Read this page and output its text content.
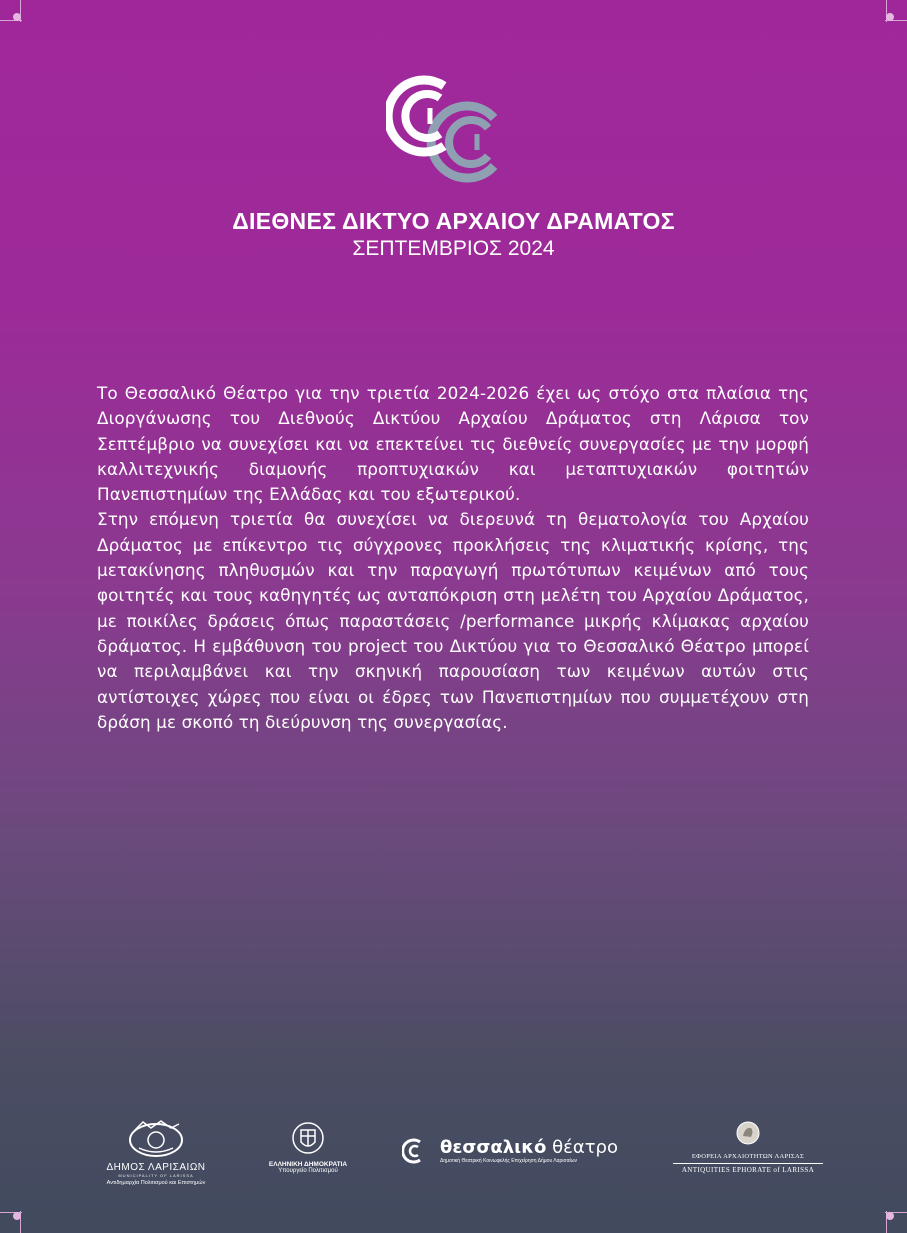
ΔΙΕΘΝΕΣ ΔΙΚΤΥΟ ΑΡΧΑΙΟΥ ΔΡΑΜΑΤΟΣ
ΣΕΠΤΕΜΒΡΙΟΣ 2024

Το Θεσσαλικό Θέατρο για την τριετία 2024-2026 έχει ως στόχο στα πλαίσια της Διοργάνωσης του Διεθνούς Δικτύου Αρχαίου Δράματος στη Λάρισα τον Σεπτέμβριο να συνεχίσει και να επεκτείνει τις διεθνείς συνεργασίες με την μορφή καλλιτεχνικής διαμονής προπτυχιακών και μεταπτυχιακών φοιτητών Πανεπιστημίων της Ελλάδας και του εξωτερικού.

Στην επόμενη τριετία θα συνεχίσει να διερευνά τη θεματολογία του Αρχαίου Δράματος με επίκεντρο τις σύγχρονες προκλήσεις της κλιματικής κρίσης, της μετακίνησης πληθυσμών και την παραγωγή πρωτότυπων κειμένων από τους φοιτητές και τους καθηγητές ως ανταπόκριση στη μελέτη του Αρχαίου Δράματος, με ποικίλες δράσεις όπως παραστάσεις /performance μικρής κλίμακας αρχαίου δράματος. Η εμβάθυνση του project του Δικτύου για το Θεσσαλικό Θέατρο μπορεί να περιλαμβάνει και την σκηνική παρουσίαση των κειμένων αυτών στις αντίστοιχες χώρες που είναι οι έδρες των Πανεπιστημίων που συμμετέχουν στη δράση με σκοπό τη διεύρυνση της συνεργασίας.

ΔΗΜΟΣ ΛΑΡΙΣΑΙΩΝ
MUNICIPALITY OF LARISSA
Αντιδημαρχία Πολιτισμού και Επιστημών
ΕΛΛΗΝΙΚΗ ΔΗΜΟΚΡΑΤΙΑ
Υπουργείο Πολιτισμού
θεσσαλικό θέατρο
Δημοτική Θεατρική Κοινωφελής Επιχείρηση Δήμου Λαρισαίων
ΕΦΟΡΕΙΑ ΑΡΧΑΙΟΤΗΤΩΝ ΛΑΡΙΣΑΣ
ANTIQUITIES EPHORATE of LARISSA
